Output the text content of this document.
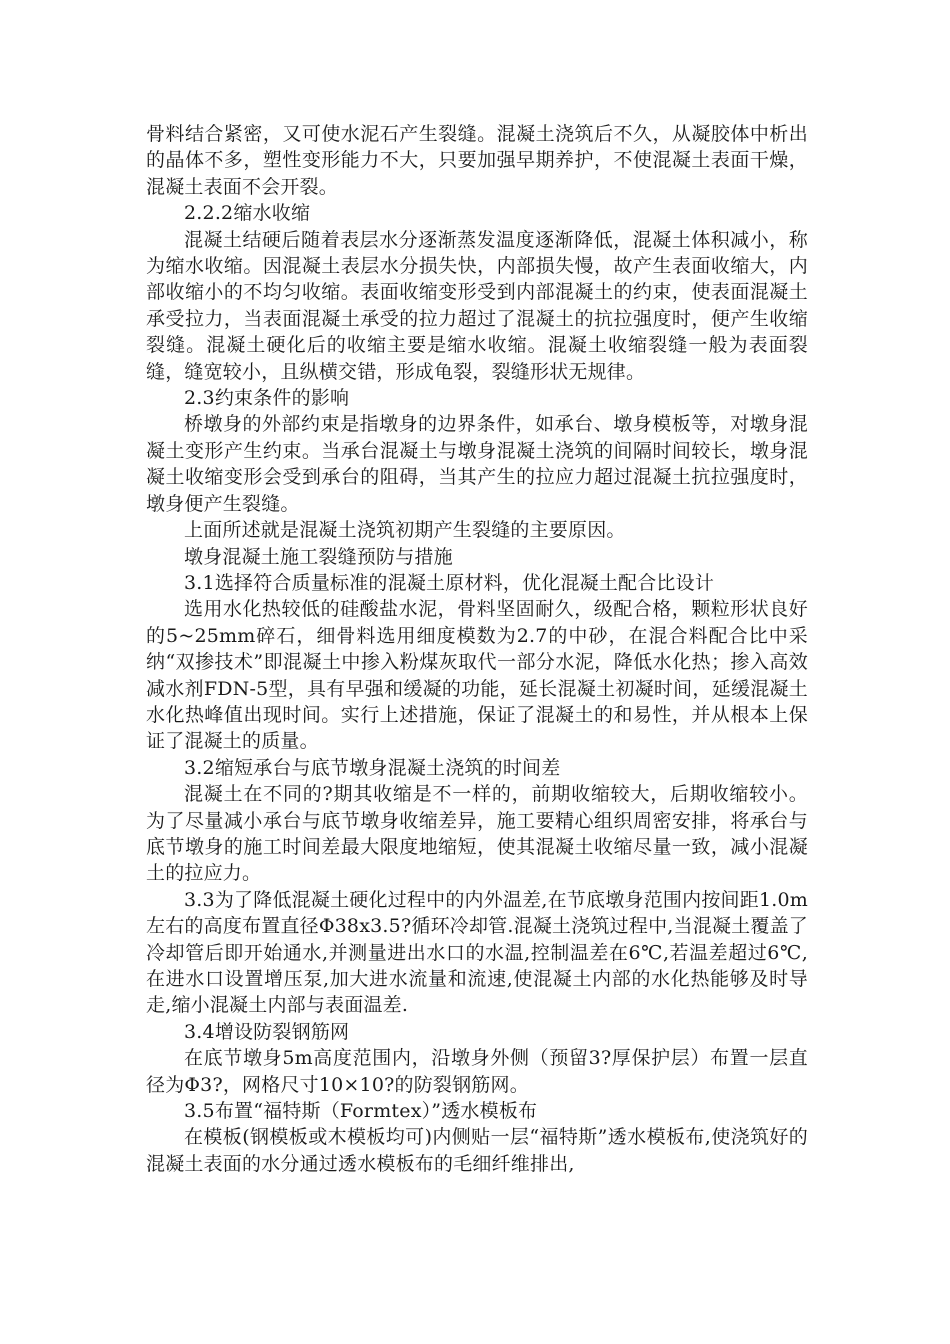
骨料结合紧密，又可使水泥石产生裂缝。混凝土浇筑后不久，从凝胶体中析出的晶体不多，塑性变形能力不大，只要加强早期养护，不使混凝土表面干燥，混凝土表面不会开裂。

2.2.2缩水收缩

混凝土结硬后随着表层水分逐渐蒸发温度逐渐降低，混凝土体积减小，称为缩水收缩。因混凝土表层水分损失快，内部损失慢，故产生表面收缩大，内部收缩小的不均匀收缩。表面收缩变形受到内部混凝土的约束，使表面混凝土承受拉力，当表面混凝土承受的拉力超过了混凝土的抗拉强度时，便产生收缩裂缝。混凝土硬化后的收缩主要是缩水收缩。混凝土收缩裂缝一般为表面裂缝，缝宽较小，且纵横交错，形成龟裂，裂缝形状无规律。

2.3约束条件的影响

桥墩身的外部约束是指墩身的边界条件，如承台、墩身模板等，对墩身混凝土变形产生约束。当承台混凝土与墩身混凝土浇筑的间隔时间较长，墩身混凝土收缩变形会受到承台的阻碍，当其产生的拉应力超过混凝土抗拉强度时，墩身便产生裂缝。

上面所述就是混凝土浇筑初期产生裂缝的主要原因。

墩身混凝土施工裂缝预防与措施

3.1选择符合质量标准的混凝土原材料，优化混凝土配合比设计

选用水化热较低的硅酸盐水泥，骨料坚固耐久，级配合格，颗粒形状良好的5~25mm碎石，细骨料选用细度模数为2.7的中砂，在混合料配合比中采纳“双掺技术”即混凝土中掺入粉煤灰取代一部分水泥，降低水化热；掺入高效减水剂FDN-5型，具有早强和缓凝的功能，延长混凝土初凝时间，延缓混凝土水化热峰值出现时间。实行上述措施，保证了混凝土的和易性，并从根本上保证了混凝土的质量。

3.2缩短承台与底节墩身混凝土浇筑的时间差

混凝土在不同的?期其收缩是不一样的，前期收缩较大，后期收缩较小。为了尽量减小承台与底节墩身收缩差异，施工要精心组织周密安排，将承台与底节墩身的施工时间差最大限度地缩短，使其混凝土收缩尽量一致，减小混凝土的拉应力。

3.3为了降低混凝土硬化过程中的内外温差,在节底墩身范围内按间距1.0m左右的高度布置直径Φ38ⅹ3.5?循环冷却管.混凝土浇筑过程中,当混凝土覆盖了冷却管后即开始通水,并测量进出水口的水温,控制温差在6℃,若温差超过6℃,在进水口设置增压泵,加大进水流量和流速,使混凝土内部的水化热能够及时导走,缩小混凝土内部与表面温差.

3.4增设防裂钢筋网

在底节墩身5m高度范围内，沿墩身外侧（预留3?厚保护层）布置一层直径为Φ3?，网格尺寸10×10?的防裂钢筋网。

3.5布置“福特斯（Formtex）”透水模板布

在模板(钢模板或木模板均可)内侧贴一层“福特斯”透水模板布,使浇筑好的混凝土表面的水分通过透水模板布的毛细纤维排出,
